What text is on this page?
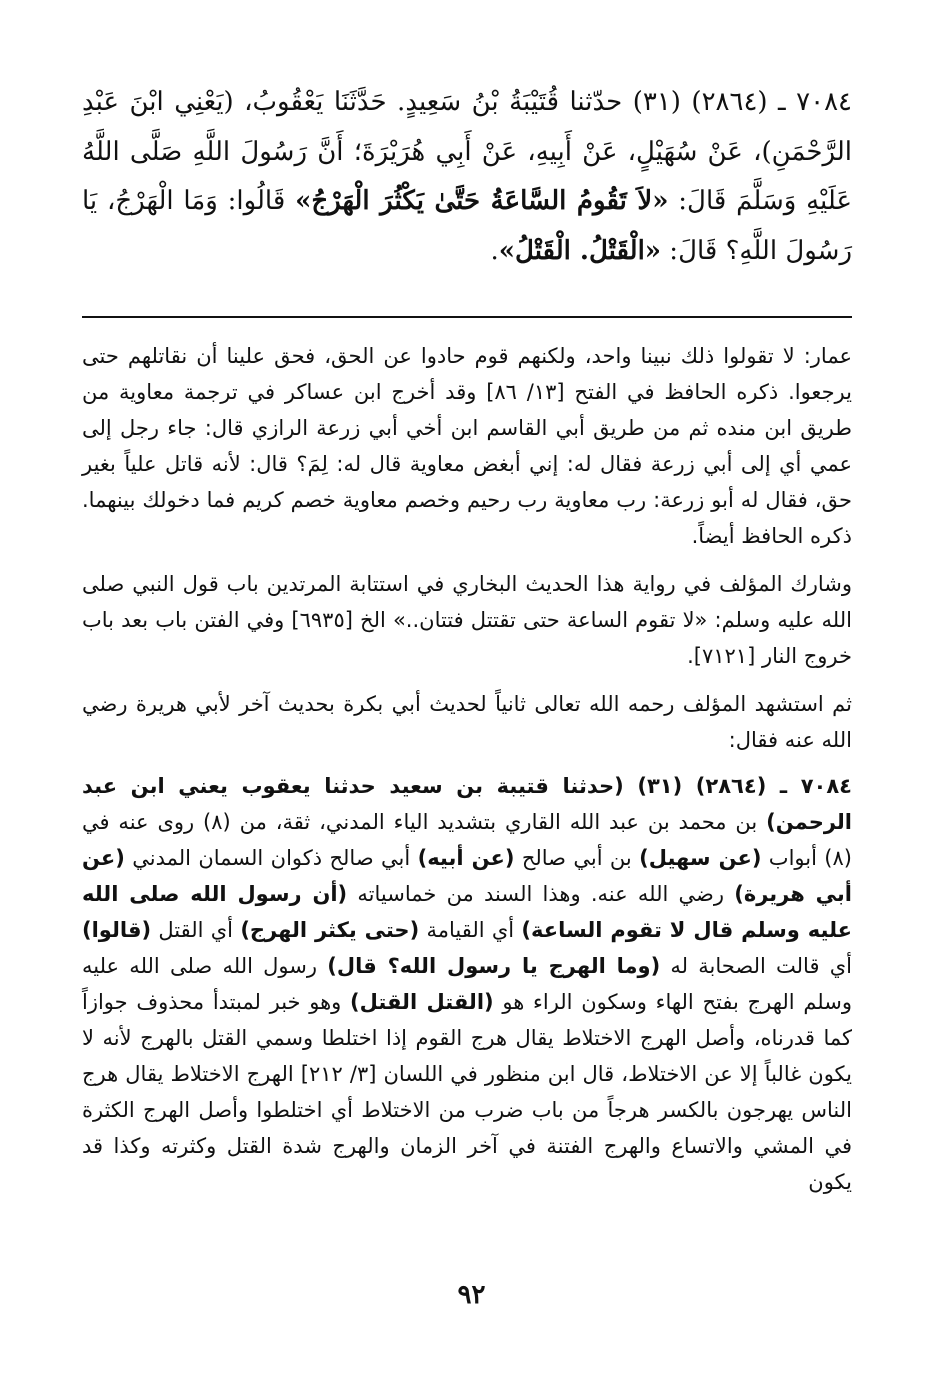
٧٠٨٤ ـ (٢٨٦٤) (٣١) حدّثنا قُتَيْبَةُ بْنُ سَعِيدٍ. حَدَّثَنَا يَعْقُوبُ، (يَعْنِي ابْنَ عَبْدِ الرَّحْمَنِ)، عَنْ سُهَيْلٍ، عَنْ أَبِيهِ، عَنْ أَبِي هُرَيْرَةَ؛ أَنَّ رَسُولَ اللَّهِ صَلَّى اللَّهُ عَلَيْهِ وَسَلَّمَ قَالَ: «لاَ تَقُومُ السَّاعَةُ حَتَّىٰ يَكْثُرَ الْهَرْجُ» قَالُوا: وَمَا الْهَرْجُ، يَا رَسُولَ اللَّهِ؟ قَالَ: «الْقَتْلُ. الْقَتْلُ».

عمار: لا تقولوا ذلك نبينا واحد، ولكنهم قوم حادوا عن الحق، فحق علينا أن نقاتلهم حتى يرجعوا. ذكره الحافظ في الفتح [١٣/ ٨٦] وقد أخرج ابن عساكر في ترجمة معاوية من طريق ابن منده ثم من طريق أبي القاسم ابن أخي أبي زرعة الرازي قال: جاء رجل إلى عمي أي إلى أبي زرعة فقال له: إني أبغض معاوية قال له: لِمَ؟ قال: لأنه قاتل علياً بغير حق، فقال له أبو زرعة: رب معاوية رب رحيم وخصم معاوية خصم كريم فما دخولك بينهما. ذكره الحافظ أيضاً.

وشارك المؤلف في رواية هذا الحديث البخاري في استتابة المرتدين باب قول النبي صلى الله عليه وسلم: «لا تقوم الساعة حتى تقتتل فتتان..» الخ [٦٩٣٥] وفي الفتن باب بعد باب خروج النار [٧١٢١].

ثم استشهد المؤلف رحمه الله تعالى ثانياً لحديث أبي بكرة بحديث آخر لأبي هريرة رضي الله عنه فقال:

٧٠٨٤ ـ (٢٨٦٤) (٣١) (حدثنا قتيبة بن سعيد حدثنا يعقوب يعني ابن عبد الرحمن) بن محمد بن عبد الله القاري بتشديد الياء المدني، ثقة، من (٨) روى عنه في (٨) أبواب (عن سهيل) بن أبي صالح (عن أبيه) أبي صالح ذكوان السمان المدني (عن أبي هريرة) رضي الله عنه. وهذا السند من خماسياته (أن رسول الله صلى الله عليه وسلم قال لا تقوم الساعة) أي القيامة (حتى يكثر الهرج) أي القتل (قالوا) أي قالت الصحابة له (وما الهرج يا رسول الله؟ قال) رسول الله صلى الله عليه وسلم الهرج بفتح الهاء وسكون الراء هو (القتل القتل) وهو خبر لمبتدأ محذوف جوازاً كما قدرناه، وأصل الهرج الاختلاط يقال هرج القوم إذا اختلطا وسمي القتل بالهرج لأنه لا يكون غالباً إلا عن الاختلاط، قال ابن منظور في اللسان [٣/ ٢١٢] الهرج الاختلاط يقال هرج الناس يهرجون بالكسر هرجاً من باب ضرب من الاختلاط أي اختلطوا وأصل الهرج الكثرة في المشي والاتساع والهرج الفتنة في آخر الزمان والهرج شدة القتل وكثرته وكذا قد يكون

٩٢
